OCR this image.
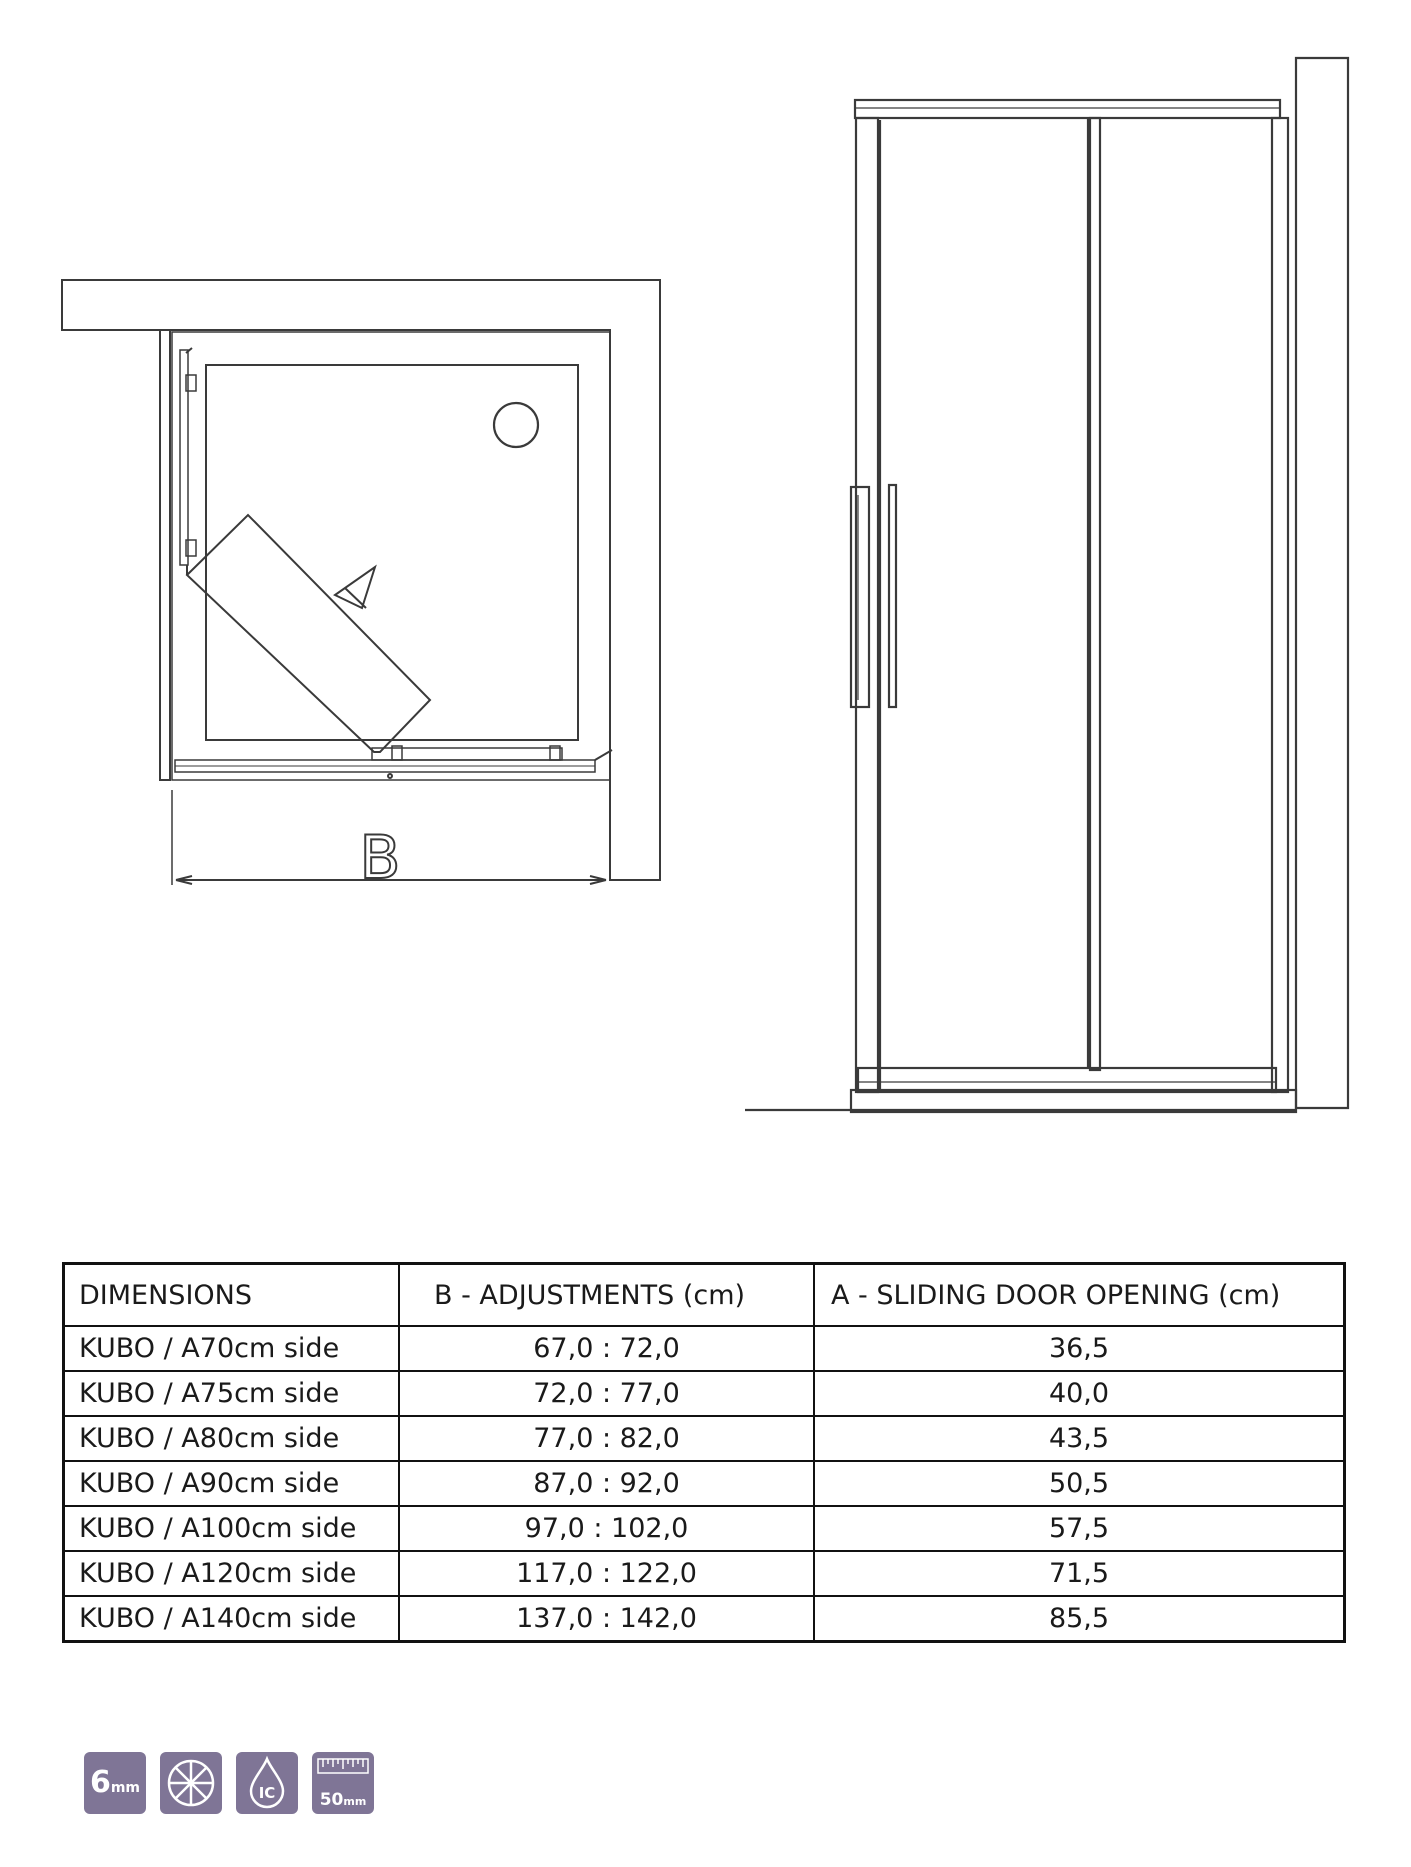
B
DIMENSIONS	B - ADJUSTMENTS (cm)	A - SLIDING DOOR OPENING (cm)
KUBO / A70cm side	67,0 : 72,0	36,5
KUBO / A75cm side	72,0 : 77,0	40,0
KUBO / A80cm side	77,0 : 82,0	43,5
KUBO / A90cm side	87,0 : 92,0	50,5
KUBO / A100cm side	97,0 : 102,0	57,5
KUBO / A120cm side	117,0 : 122,0	71,5
KUBO / A140cm side	137,0 : 142,0	85,5
6 mm	IC	50mm
